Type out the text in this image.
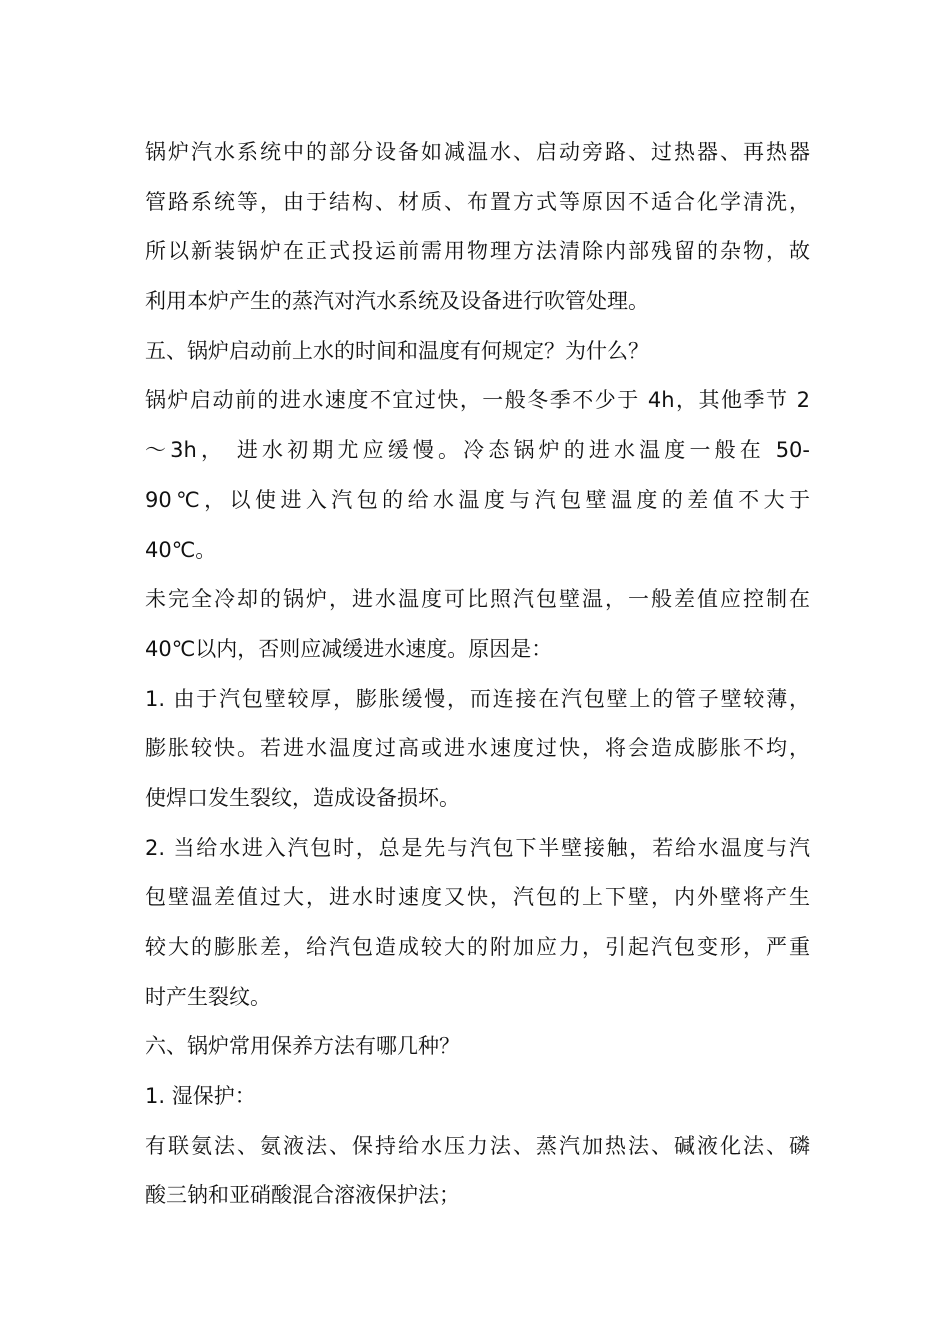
锅炉汽水系统中的部分设备如减温水、启动旁路、过热器、再热器
管路系统等，由于结构、材质、布置方式等原因不适合化学清洗，
所以新装锅炉在正式投运前需用物理方法清除内部残留的杂物，故
利用本炉产生的蒸汽对汽水系统及设备进行吹管处理。
五、锅炉启动前上水的时间和温度有何规定？为什么？
锅炉启动前的进水速度不宜过快，一般冬季不少于 4h，其他季节 2
～3h， 进水初期尤应缓慢。冷态锅炉的进水温度一般在 50-
90℃，以使进入汽包的给水温度与汽包壁温度的差值不大于
40℃。
未完全冷却的锅炉，进水温度可比照汽包壁温，一般差值应控制在
40℃以内，否则应减缓进水速度。原因是：
1. 由于汽包壁较厚，膨胀缓慢，而连接在汽包壁上的管子壁较薄，
膨胀较快。若进水温度过高或进水速度过快，将会造成膨胀不均，
使焊口发生裂纹，造成设备损坏。
2. 当给水进入汽包时，总是先与汽包下半壁接触，若给水温度与汽
包壁温差值过大，进水时速度又快，汽包的上下壁，内外壁将产生
较大的膨胀差，给汽包造成较大的附加应力，引起汽包变形，严重
时产生裂纹。
六、锅炉常用保养方法有哪几种？
1. 湿保护：
有联氨法、氨液法、保持给水压力法、蒸汽加热法、碱液化法、磷
酸三钠和亚硝酸混合溶液保护法；
